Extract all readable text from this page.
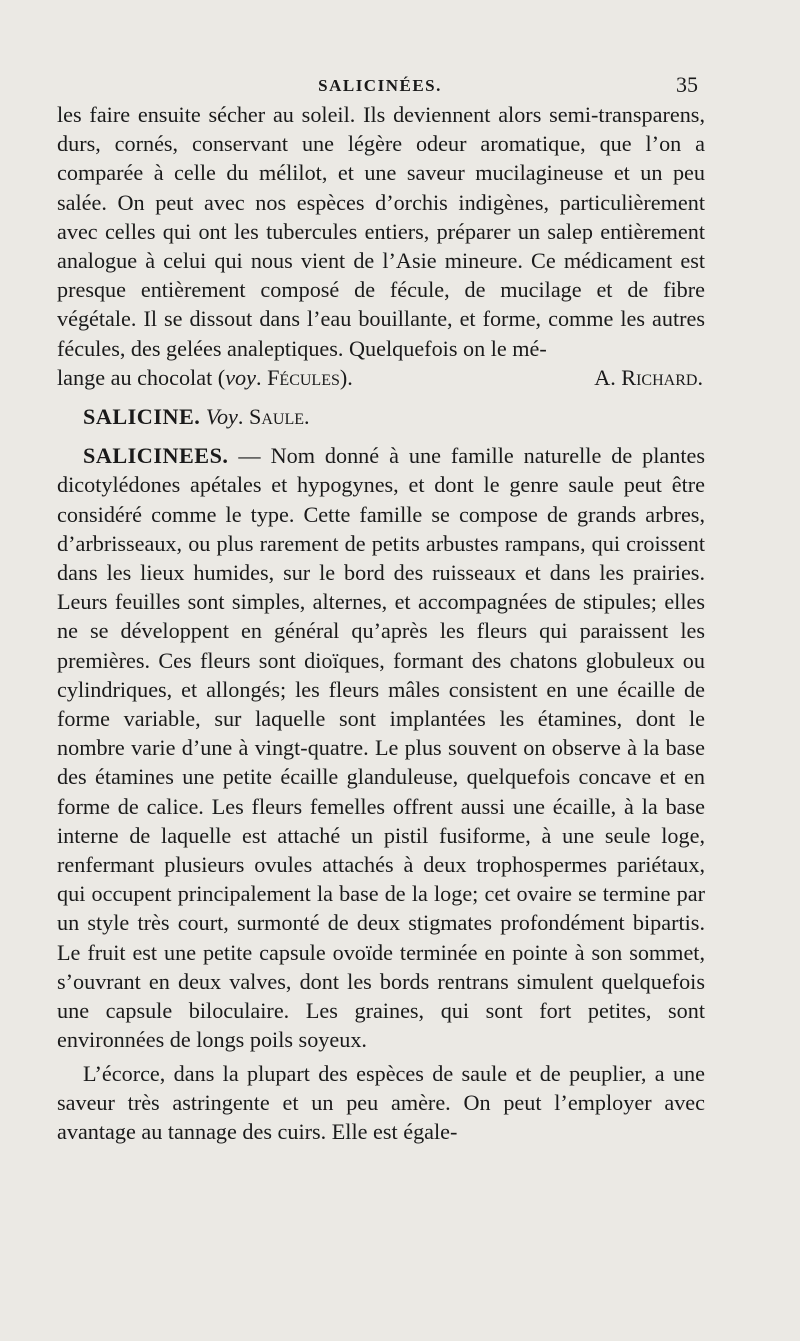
SALICINÉES.	35

les faire ensuite sécher au soleil. Ils deviennent alors semi-transparens, durs, cornés, conservant une légère odeur aromatique, que l’on a comparée à celle du mélilot, et une saveur mucilagineuse et un peu salée. On peut avec nos espèces d’orchis indigènes, particulièrement avec celles qui ont les tubercules entiers, préparer un salep entièrement analogue à celui qui nous vient de l’Asie mineure. Ce médicament est presque entièrement composé de fécule, de mucilage et de fibre végétale. Il se dissout dans l’eau bouillante, et forme, comme les autres fécules, des gelées analeptiques. Quelquefois on le mé-
lange au chocolat (voy. Fécules).	A. Richard.

SALICINE. Voy. Saule.

SALICINEES. — Nom donné à une famille naturelle de plantes dicotylédones apétales et hypogynes, et dont le genre saule peut être considéré comme le type. Cette famille se compose de grands arbres, d’arbrisseaux, ou plus rarement de petits arbustes rampans, qui croissent dans les lieux humides, sur le bord des ruisseaux et dans les prairies. Leurs feuilles sont simples, alternes, et accompagnées de stipules; elles ne se développent en général qu’après les fleurs qui paraissent les premières. Ces fleurs sont dioïques, formant des chatons globuleux ou cylindriques, et allongés; les fleurs mâles consistent en une écaille de forme variable, sur laquelle sont implantées les étamines, dont le nombre varie d’une à vingt-quatre. Le plus souvent on observe à la base des étamines une petite écaille glanduleuse, quelquefois concave et en forme de calice. Les fleurs femelles offrent aussi une écaille, à la base interne de laquelle est attaché un pistil fusiforme, à une seule loge, renfermant plusieurs ovules attachés à deux trophospermes pariétaux, qui occupent principalement la base de la loge; cet ovaire se termine par un style très court, surmonté de deux stigmates profondément bipartis. Le fruit est une petite capsule ovoïde terminée en pointe à son sommet, s’ouvrant en deux valves, dont les bords rentrans simulent quelquefois une capsule biloculaire. Les graines, qui sont fort petites, sont environnées de longs poils soyeux.

L’écorce, dans la plupart des espèces de saule et de peuplier, a une saveur très astringente et un peu amère. On peut l’employer avec avantage au tannage des cuirs. Elle est égale-
